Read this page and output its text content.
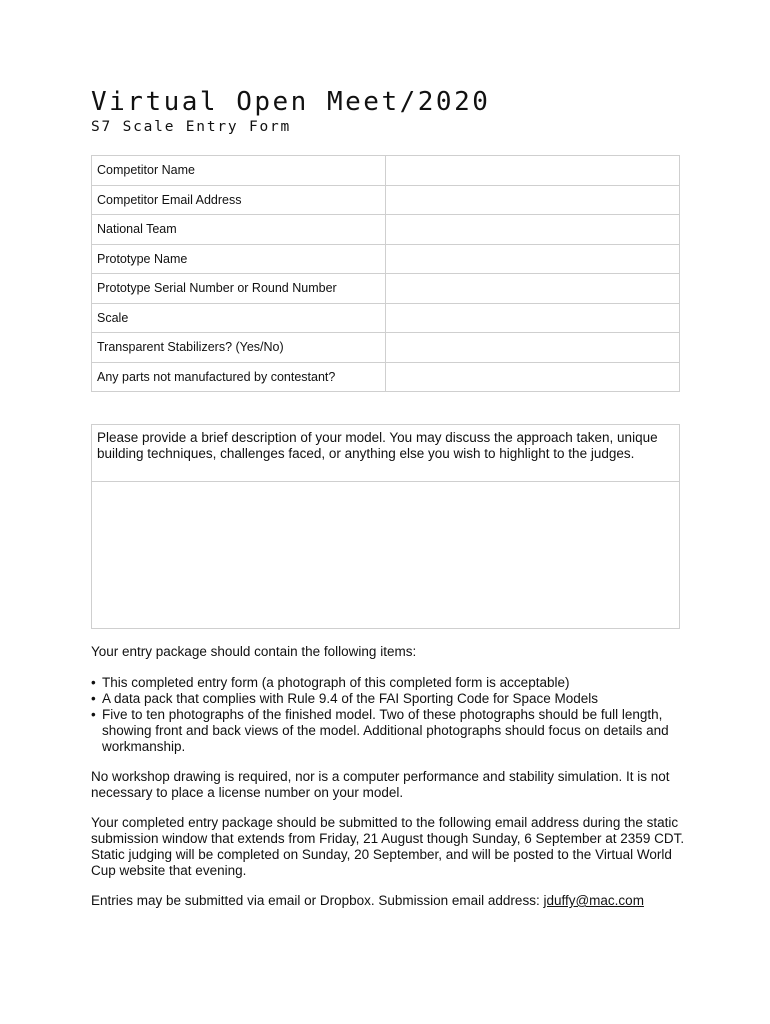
Virtual Open Meet/2020
S7 Scale Entry Form
Competitor Name	
Competitor Email Address	
National Team	
Prototype Name	
Prototype Serial Number or Round Number	
Scale	
Transparent Stabilizers? (Yes/No)	
Any parts not manufactured by contestant?	
Please provide a brief description of your model. You may discuss the approach taken, unique building techniques, challenges faced, or anything else you wish to highlight to the judges.

Your entry package should contain the following items:

• This completed entry form (a photograph of this completed form is acceptable)
• A data pack that complies with Rule 9.4 of the FAI Sporting Code for Space Models
• Five to ten photographs of the finished model. Two of these photographs should be full length, showing front and back views of the model. Additional photographs should focus on details and workmanship.

No workshop drawing is required, nor is a computer performance and stability simulation. It is not necessary to place a license number on your model.

Your completed entry package should be submitted to the following email address during the static submission window that extends from Friday, 21 August though Sunday, 6 September at 2359 CDT. Static judging will be completed on Sunday, 20 September, and will be posted to the Virtual World Cup website that evening.

Entries may be submitted via email or Dropbox. Submission email address: jduffy@mac.com
